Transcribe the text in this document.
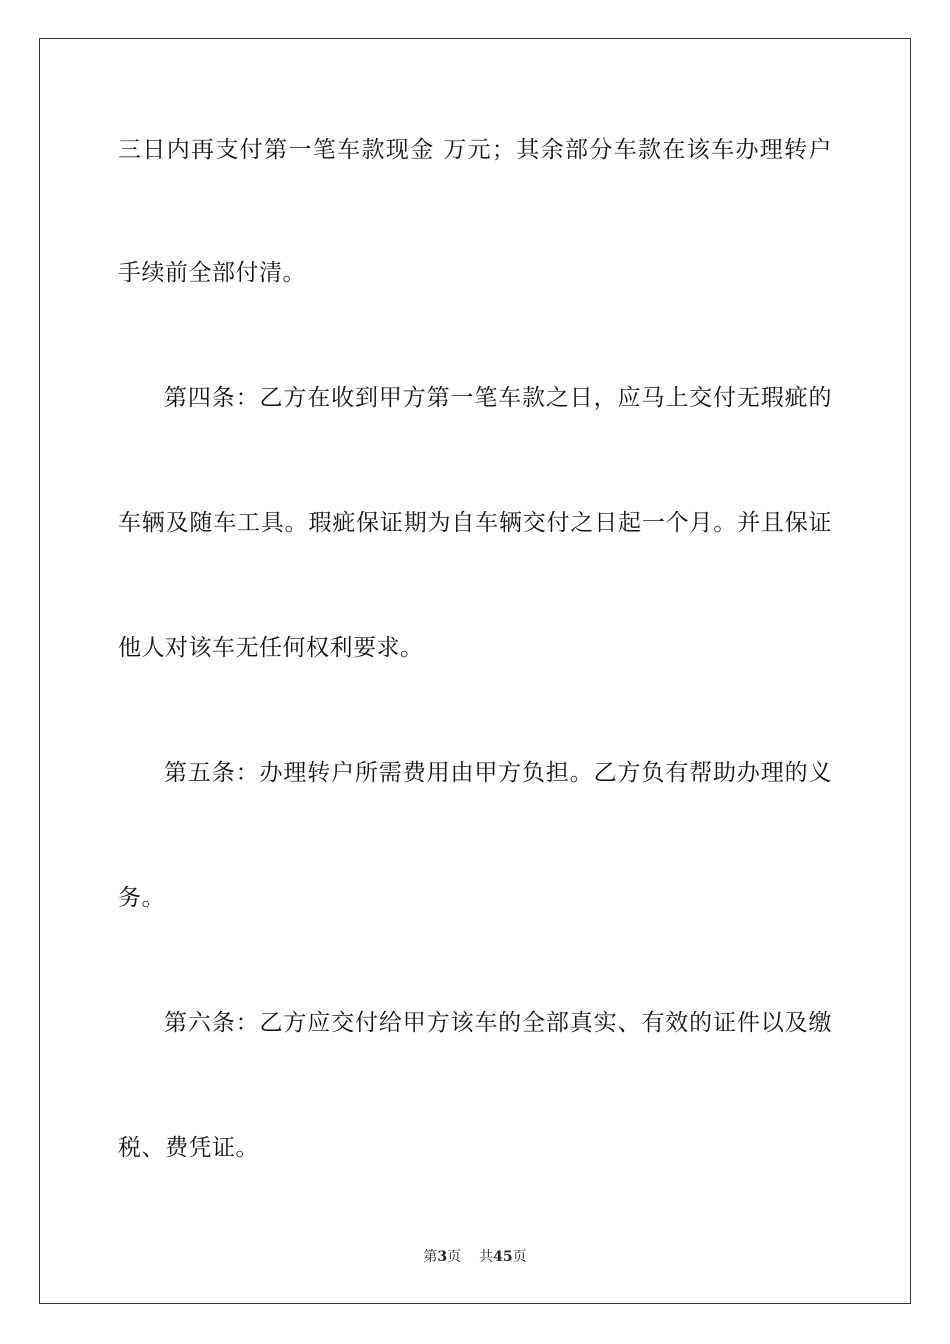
三日内再支付第一笔车款现金 万元；其余部分车款在该车办理转户
手续前全部付清。
第四条：乙方在收到甲方第一笔车款之日，应马上交付无瑕疵的
车辆及随车工具。瑕疵保证期为自车辆交付之日起一个月。并且保证
他人对该车无任何权利要求。
第五条：办理转户所需费用由甲方负担。乙方负有帮助办理的义
务。
第六条：乙方应交付给甲方该车的全部真实、有效的证件以及缴
税、费凭证。
第3页 共45页
